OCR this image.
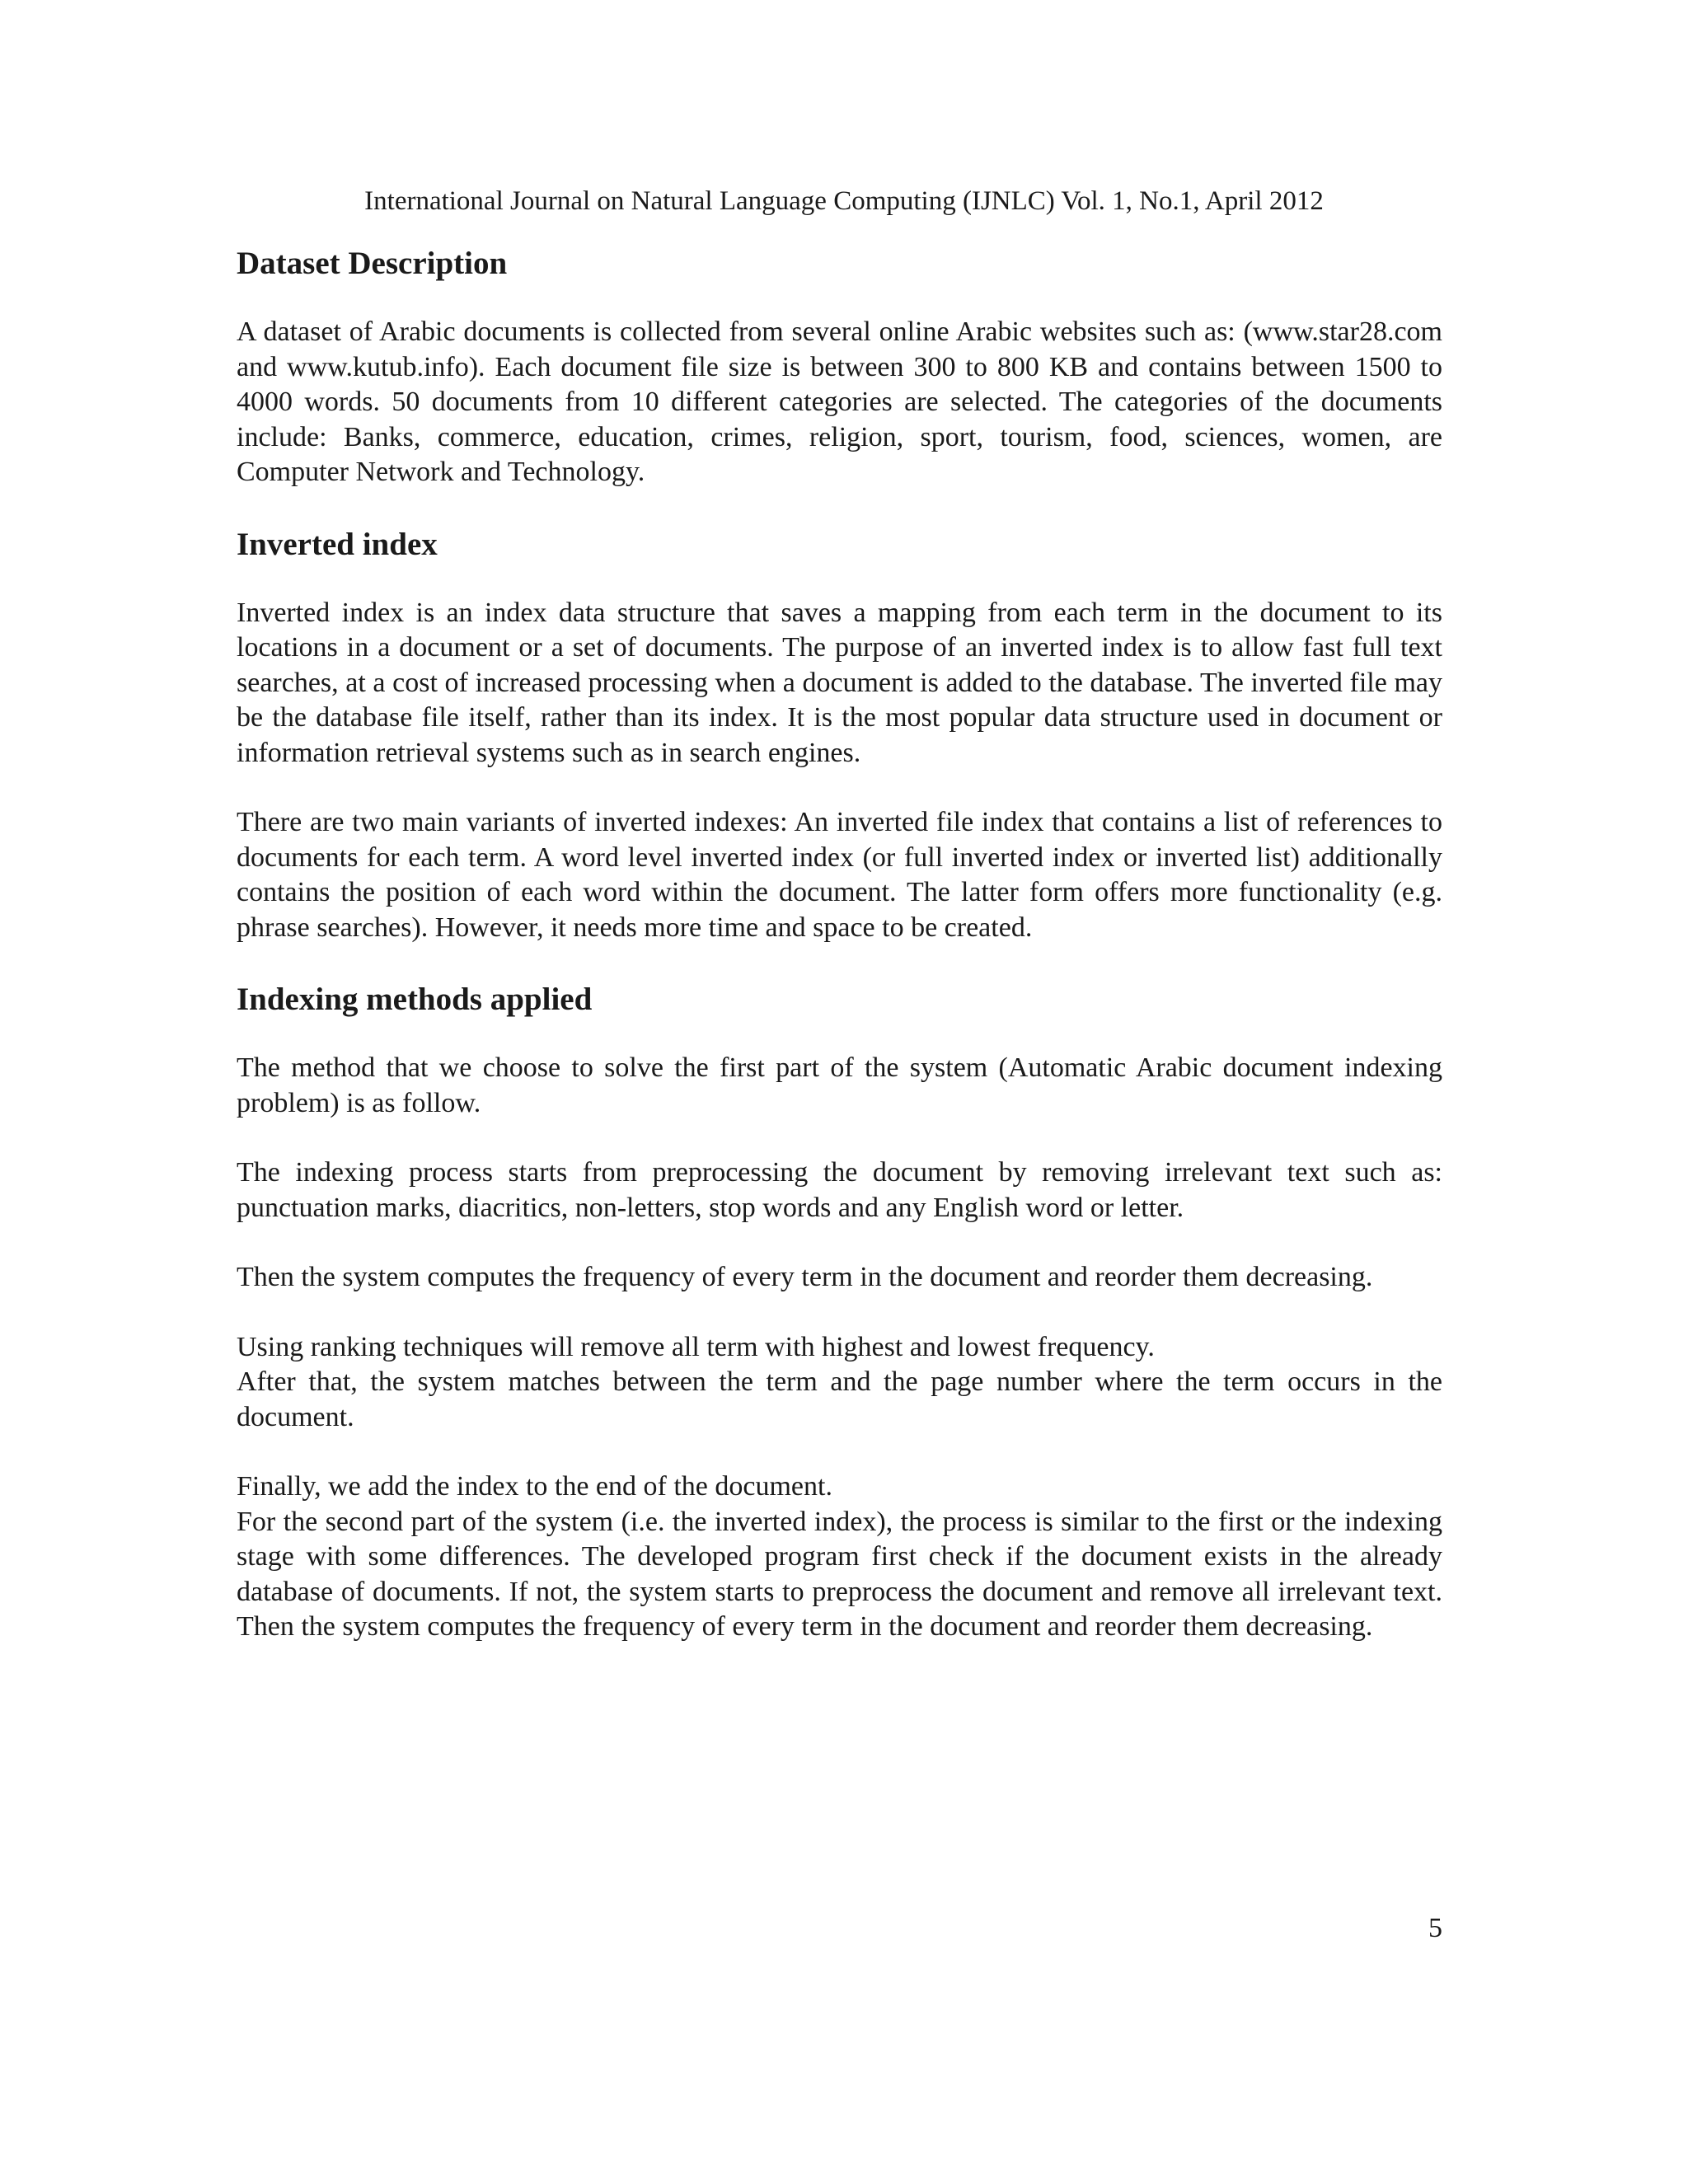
International Journal on Natural Language Computing (IJNLC) Vol. 1, No.1, April 2012

Dataset Description

A dataset of Arabic documents is collected from several online Arabic websites such as: (www.star28.com and www.kutub.info). Each document file size is between 300 to 800 KB and contains between 1500 to 4000 words. 50 documents from 10 different categories are selected. The categories of the documents include: Banks, commerce, education, crimes, religion, sport, tourism, food, sciences, women, are Computer Network and Technology.

Inverted index

Inverted index is an index data structure that saves a mapping from each term in the document to its locations in a document or a set of documents. The purpose of an inverted index is to allow fast full text searches, at a cost of increased processing when a document is added to the database. The inverted file may be the database file itself, rather than its index. It is the most popular data structure used in document or information retrieval systems such as in search engines.

There are two main variants of inverted indexes: An inverted file index that contains a list of references to documents for each term. A word level inverted index (or full inverted index or inverted list) additionally contains the position of each word within the document. The latter form offers more functionality (e.g. phrase searches). However, it needs more time and space to be created.

Indexing methods applied

The method that we choose to solve the first part of the system (Automatic Arabic document indexing problem) is as follow.

The indexing process starts from preprocessing the document by removing irrelevant text such as: punctuation marks, diacritics, non-letters, stop words and any English word or letter.

Then the system computes the frequency of every term in the document and reorder them decreasing.

Using ranking techniques will remove all term with highest and lowest frequency.

After that, the system matches between the term and the page number where the term occurs in the document.

Finally, we add the index to the end of the document.

For the second part of the system (i.e. the inverted index), the process is similar to the first or the indexing stage with some differences. The developed program first check if the document exists in the already database of documents. If not, the system starts to preprocess the document and remove all irrelevant text. Then the system computes the frequency of every term in the document and reorder them decreasing.

5
